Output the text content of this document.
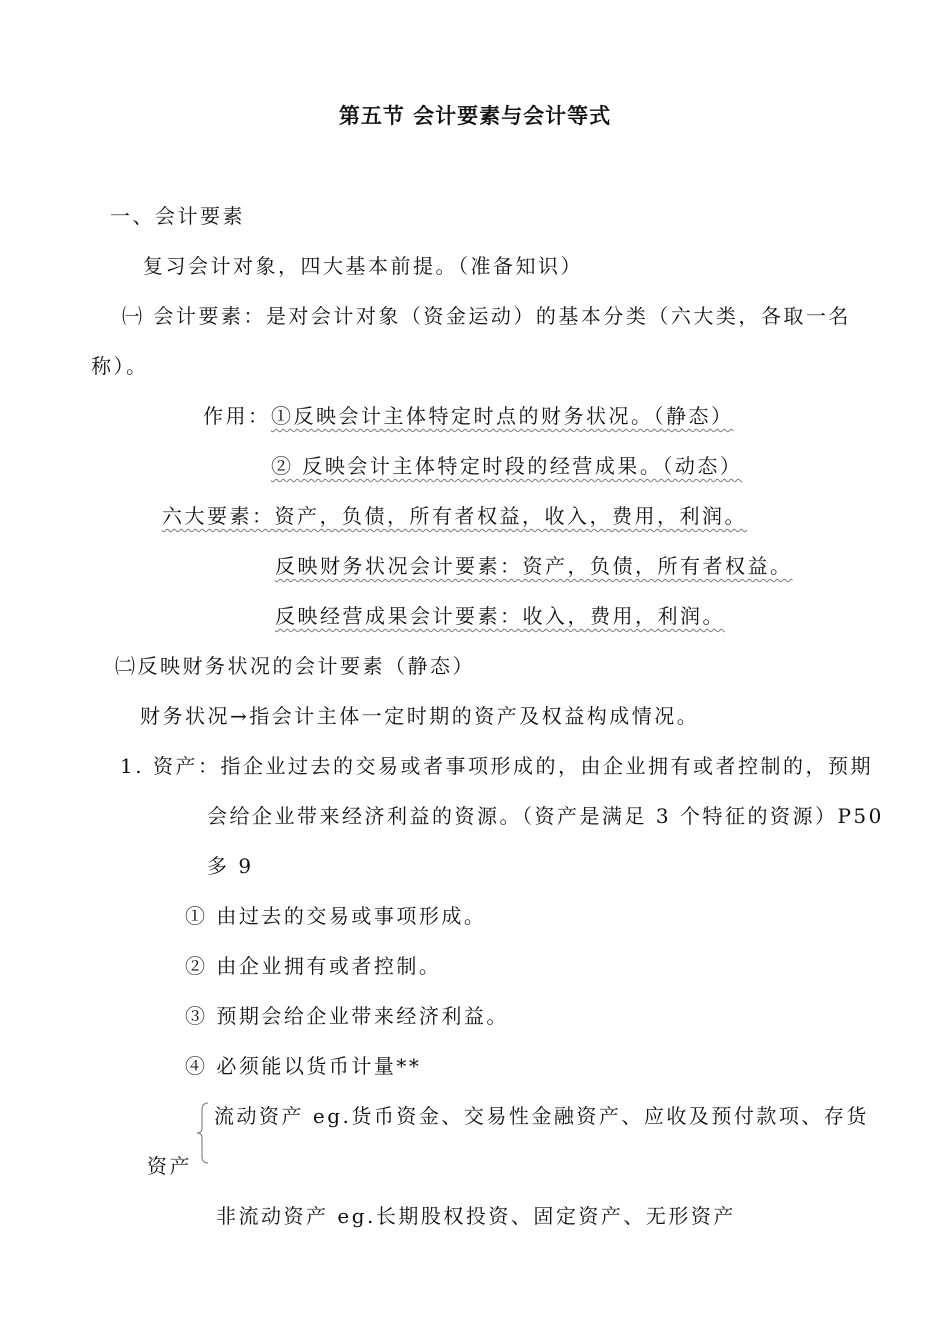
第五节 会计要素与会计等式
一、会计要素
复习会计对象，四大基本前提。（准备知识）
㈠ 会计要素：是对会计对象（资金运动）的基本分类（六大类，各取一名
称）。
作用： ①反映会计主体特定时点的财务状况。（静态）
② 反映会计主体特定时段的经营成果。（动态）
六大要素：资产，负债，所有者权益，收入，费用，利润。
反映财务状况会计要素：资产，负债，所有者权益。
反映经营成果会计要素：收入，费用，利润。
㈡反映财务状况的会计要素（静态）
财务状况→指会计主体一定时期的资产及权益构成情况。
1. 资产：指企业过去的交易或者事项形成的，由企业拥有或者控制的，预期
会给企业带来经济利益的资源。（资产是满足 3 个特征的资源）P50
多 9
① 由过去的交易或事项形成。
② 由企业拥有或者控制。
③ 预期会给企业带来经济利益。
④ 必须能以货币计量**
流动资产 eg.货币资金、交易性金融资产、应收及预付款项、存货
资产
非流动资产 eg.长期股权投资、固定资产、无形资产
